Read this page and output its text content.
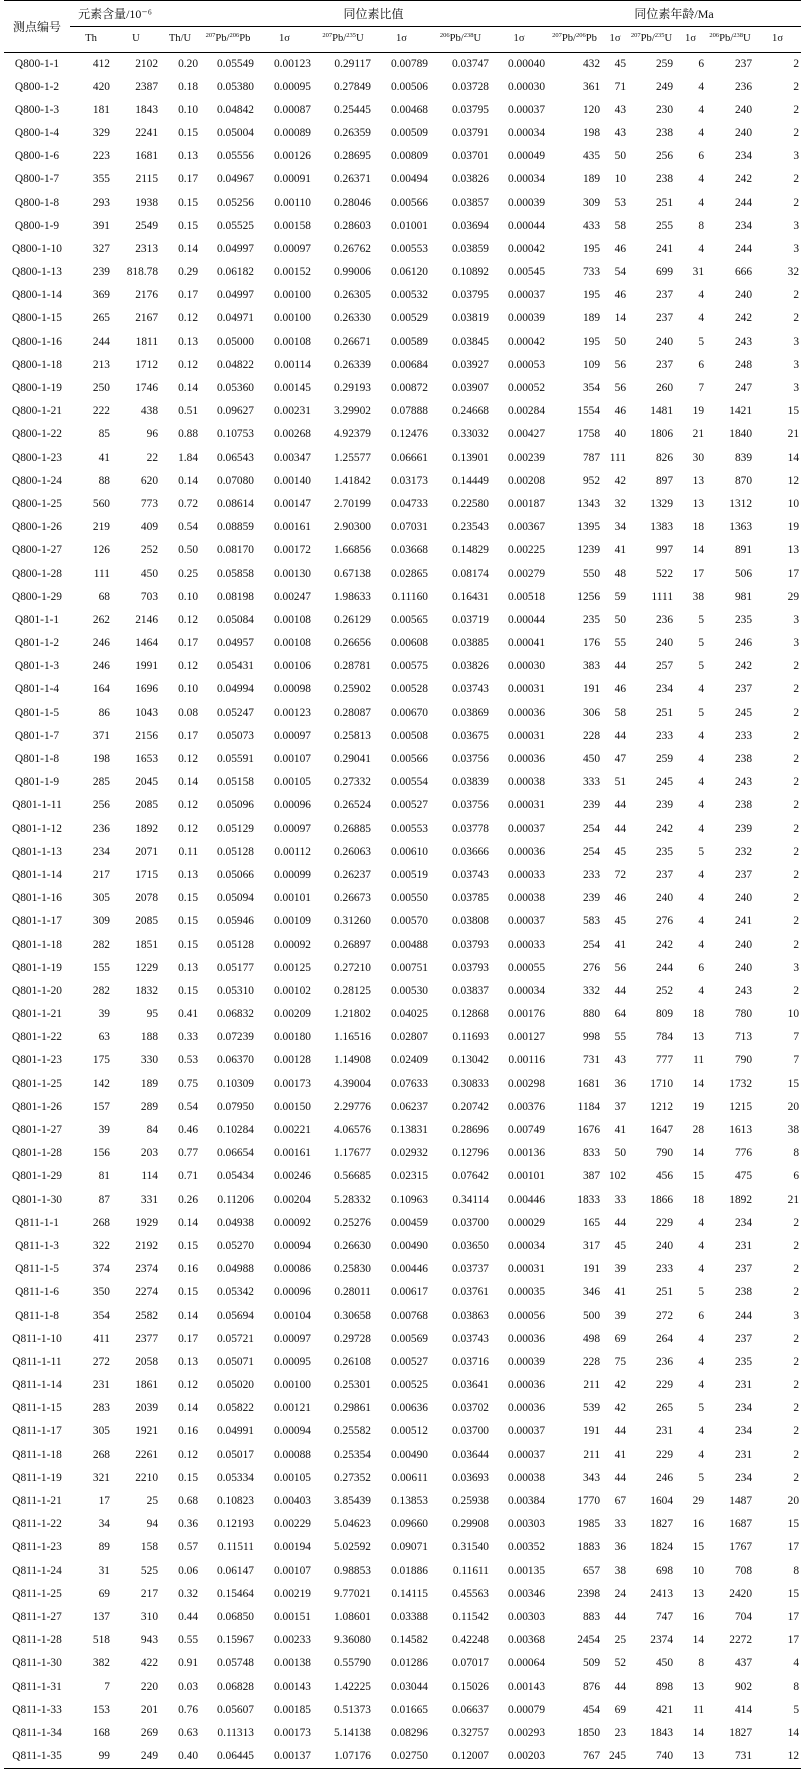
测点编号	元素含量/10⁻⁶			同位素比值						同位素年龄/Ma					
	Th	U	Th/U	$^{207}$Pb/$^{206}$Pb	1σ	$^{207}$Pb/$^{235}$U	1σ	$^{206}$Pb/$^{238}$U	1σ	$^{207}$Pb/$^{206}$Pb	1σ	$^{207}$Pb/$^{235}$U	1σ	$^{206}$Pb/$^{238}$U	1σ
Q800-1-1	412	2102	0.20	0.05549	0.00123	0.29117	0.00789	0.03747	0.00040	432	45	259	6	237	2
Q800-1-2	420	2387	0.18	0.05380	0.00095	0.27849	0.00506	0.03728	0.00030	361	71	249	4	236	2
Q800-1-3	181	1843	0.10	0.04842	0.00087	0.25445	0.00468	0.03795	0.00037	120	43	230	4	240	2
Q800-1-4	329	2241	0.15	0.05004	0.00089	0.26359	0.00509	0.03791	0.00034	198	43	238	4	240	2
Q800-1-6	223	1681	0.13	0.05556	0.00126	0.28695	0.00809	0.03701	0.00049	435	50	256	6	234	3
Q800-1-7	355	2115	0.17	0.04967	0.00091	0.26371	0.00494	0.03826	0.00034	189	10	238	4	242	2
Q800-1-8	293	1938	0.15	0.05256	0.00110	0.28046	0.00566	0.03857	0.00039	309	53	251	4	244	2
Q800-1-9	391	2549	0.15	0.05525	0.00158	0.28603	0.01001	0.03694	0.00044	433	58	255	8	234	3
Q800-1-10	327	2313	0.14	0.04997	0.00097	0.26762	0.00553	0.03859	0.00042	195	46	241	4	244	3
Q800-1-13	239	818.78	0.29	0.06182	0.00152	0.99006	0.06120	0.10892	0.00545	733	54	699	31	666	32
Q800-1-14	369	2176	0.17	0.04997	0.00100	0.26305	0.00532	0.03795	0.00037	195	46	237	4	240	2
Q800-1-15	265	2167	0.12	0.04971	0.00100	0.26330	0.00529	0.03819	0.00039	189	14	237	4	242	2
Q800-1-16	244	1811	0.13	0.05000	0.00108	0.26671	0.00589	0.03845	0.00042	195	50	240	5	243	3
Q800-1-18	213	1712	0.12	0.04822	0.00114	0.26339	0.00684	0.03927	0.00053	109	56	237	6	248	3
Q800-1-19	250	1746	0.14	0.05360	0.00145	0.29193	0.00872	0.03907	0.00052	354	56	260	7	247	3
Q800-1-21	222	438	0.51	0.09627	0.00231	3.29902	0.07888	0.24668	0.00284	1554	46	1481	19	1421	15
Q800-1-22	85	96	0.88	0.10753	0.00268	4.92379	0.12476	0.33032	0.00427	1758	40	1806	21	1840	21
Q800-1-23	41	22	1.84	0.06543	0.00347	1.25577	0.06661	0.13901	0.00239	787	111	826	30	839	14
Q800-1-24	88	620	0.14	0.07080	0.00140	1.41842	0.03173	0.14449	0.00208	952	42	897	13	870	12
Q800-1-25	560	773	0.72	0.08614	0.00147	2.70199	0.04733	0.22580	0.00187	1343	32	1329	13	1312	10
Q800-1-26	219	409	0.54	0.08859	0.00161	2.90300	0.07031	0.23543	0.00367	1395	34	1383	18	1363	19
Q800-1-27	126	252	0.50	0.08170	0.00172	1.66856	0.03668	0.14829	0.00225	1239	41	997	14	891	13
Q800-1-28	111	450	0.25	0.05858	0.00130	0.67138	0.02865	0.08174	0.00279	550	48	522	17	506	17
Q800-1-29	68	703	0.10	0.08198	0.00247	1.98633	0.11160	0.16431	0.00518	1256	59	1111	38	981	29
Q801-1-1	262	2146	0.12	0.05084	0.00108	0.26129	0.00565	0.03719	0.00044	235	50	236	5	235	3
Q801-1-2	246	1464	0.17	0.04957	0.00108	0.26656	0.00608	0.03885	0.00041	176	55	240	5	246	3
Q801-1-3	246	1991	0.12	0.05431	0.00106	0.28781	0.00575	0.03826	0.00030	383	44	257	5	242	2
Q801-1-4	164	1696	0.10	0.04994	0.00098	0.25902	0.00528	0.03743	0.00031	191	46	234	4	237	2
Q801-1-5	86	1043	0.08	0.05247	0.00123	0.28087	0.00670	0.03869	0.00036	306	58	251	5	245	2
Q801-1-7	371	2156	0.17	0.05073	0.00097	0.25813	0.00508	0.03675	0.00031	228	44	233	4	233	2
Q801-1-8	198	1653	0.12	0.05591	0.00107	0.29041	0.00566	0.03756	0.00036	450	47	259	4	238	2
Q801-1-9	285	2045	0.14	0.05158	0.00105	0.27332	0.00554	0.03839	0.00038	333	51	245	4	243	2
Q801-1-11	256	2085	0.12	0.05096	0.00096	0.26524	0.00527	0.03756	0.00031	239	44	239	4	238	2
Q801-1-12	236	1892	0.12	0.05129	0.00097	0.26885	0.00553	0.03778	0.00037	254	44	242	4	239	2
Q801-1-13	234	2071	0.11	0.05128	0.00112	0.26063	0.00610	0.03666	0.00036	254	45	235	5	232	2
Q801-1-14	217	1715	0.13	0.05066	0.00099	0.26237	0.00519	0.03743	0.00033	233	72	237	4	237	2
Q801-1-16	305	2078	0.15	0.05094	0.00101	0.26673	0.00550	0.03785	0.00038	239	46	240	4	240	2
Q801-1-17	309	2085	0.15	0.05946	0.00109	0.31260	0.00570	0.03808	0.00037	583	45	276	4	241	2
Q801-1-18	282	1851	0.15	0.05128	0.00092	0.26897	0.00488	0.03793	0.00033	254	41	242	4	240	2
Q801-1-19	155	1229	0.13	0.05177	0.00125	0.27210	0.00751	0.03793	0.00055	276	56	244	6	240	3
Q801-1-20	282	1832	0.15	0.05310	0.00102	0.28125	0.00530	0.03837	0.00034	332	44	252	4	243	2
Q801-1-21	39	95	0.41	0.06832	0.00209	1.21802	0.04025	0.12868	0.00176	880	64	809	18	780	10
Q801-1-22	63	188	0.33	0.07239	0.00180	1.16516	0.02807	0.11693	0.00127	998	55	784	13	713	7
Q801-1-23	175	330	0.53	0.06370	0.00128	1.14908	0.02409	0.13042	0.00116	731	43	777	11	790	7
Q801-1-25	142	189	0.75	0.10309	0.00173	4.39004	0.07633	0.30833	0.00298	1681	36	1710	14	1732	15
Q801-1-26	157	289	0.54	0.07950	0.00150	2.29776	0.06237	0.20742	0.00376	1184	37	1212	19	1215	20
Q801-1-27	39	84	0.46	0.10284	0.00221	4.06576	0.13831	0.28696	0.00749	1676	41	1647	28	1613	38
Q801-1-28	156	203	0.77	0.06654	0.00161	1.17677	0.02932	0.12796	0.00136	833	50	790	14	776	8
Q801-1-29	81	114	0.71	0.05434	0.00246	0.56685	0.02315	0.07642	0.00101	387	102	456	15	475	6
Q801-1-30	87	331	0.26	0.11206	0.00204	5.28332	0.10963	0.34114	0.00446	1833	33	1866	18	1892	21
Q811-1-1	268	1929	0.14	0.04938	0.00092	0.25276	0.00459	0.03700	0.00029	165	44	229	4	234	2
Q811-1-3	322	2192	0.15	0.05270	0.00094	0.26630	0.00490	0.03650	0.00034	317	45	240	4	231	2
Q811-1-5	374	2374	0.16	0.04988	0.00086	0.25830	0.00446	0.03737	0.00031	191	39	233	4	237	2
Q811-1-6	350	2274	0.15	0.05342	0.00096	0.28011	0.00617	0.03761	0.00035	346	41	251	5	238	2
Q811-1-8	354	2582	0.14	0.05694	0.00104	0.30658	0.00768	0.03863	0.00056	500	39	272	6	244	3
Q811-1-10	411	2377	0.17	0.05721	0.00097	0.29728	0.00569	0.03743	0.00036	498	69	264	4	237	2
Q811-1-11	272	2058	0.13	0.05071	0.00095	0.26108	0.00527	0.03716	0.00039	228	75	236	4	235	2
Q811-1-14	231	1861	0.12	0.05020	0.00100	0.25301	0.00525	0.03641	0.00036	211	42	229	4	231	2
Q811-1-15	283	2039	0.14	0.05822	0.00121	0.29861	0.00636	0.03702	0.00036	539	42	265	5	234	2
Q811-1-17	305	1921	0.16	0.04991	0.00094	0.25582	0.00512	0.03700	0.00037	191	44	231	4	234	2
Q811-1-18	268	2261	0.12	0.05017	0.00088	0.25354	0.00490	0.03644	0.00037	211	41	229	4	231	2
Q811-1-19	321	2210	0.15	0.05334	0.00105	0.27352	0.00611	0.03693	0.00038	343	44	246	5	234	2
Q811-1-21	17	25	0.68	0.10823	0.00403	3.85439	0.13853	0.25938	0.00384	1770	67	1604	29	1487	20
Q811-1-22	34	94	0.36	0.12193	0.00229	5.04623	0.09660	0.29908	0.00303	1985	33	1827	16	1687	15
Q811-1-23	89	158	0.57	0.11511	0.00194	5.02592	0.09071	0.31540	0.00352	1883	36	1824	15	1767	17
Q811-1-24	31	525	0.06	0.06147	0.00107	0.98853	0.01886	0.11611	0.00135	657	38	698	10	708	8
Q811-1-25	69	217	0.32	0.15464	0.00219	9.77021	0.14115	0.45563	0.00346	2398	24	2413	13	2420	15
Q811-1-27	137	310	0.44	0.06850	0.00151	1.08601	0.03388	0.11542	0.00303	883	44	747	16	704	17
Q811-1-28	518	943	0.55	0.15967	0.00233	9.36080	0.14582	0.42248	0.00368	2454	25	2374	14	2272	17
Q811-1-30	382	422	0.91	0.05748	0.00138	0.55790	0.01286	0.07017	0.00064	509	52	450	8	437	4
Q811-1-31	7	220	0.03	0.06828	0.00143	1.42225	0.03044	0.15026	0.00143	876	44	898	13	902	8
Q811-1-33	153	201	0.76	0.05607	0.00185	0.51373	0.01665	0.06637	0.00079	454	69	421	11	414	5
Q811-1-34	168	269	0.63	0.11313	0.00173	5.14138	0.08296	0.32757	0.00293	1850	23	1843	14	1827	14
Q811-1-35	99	249	0.40	0.06445	0.00137	1.07176	0.02750	0.12007	0.00203	767	245	740	13	731	12
